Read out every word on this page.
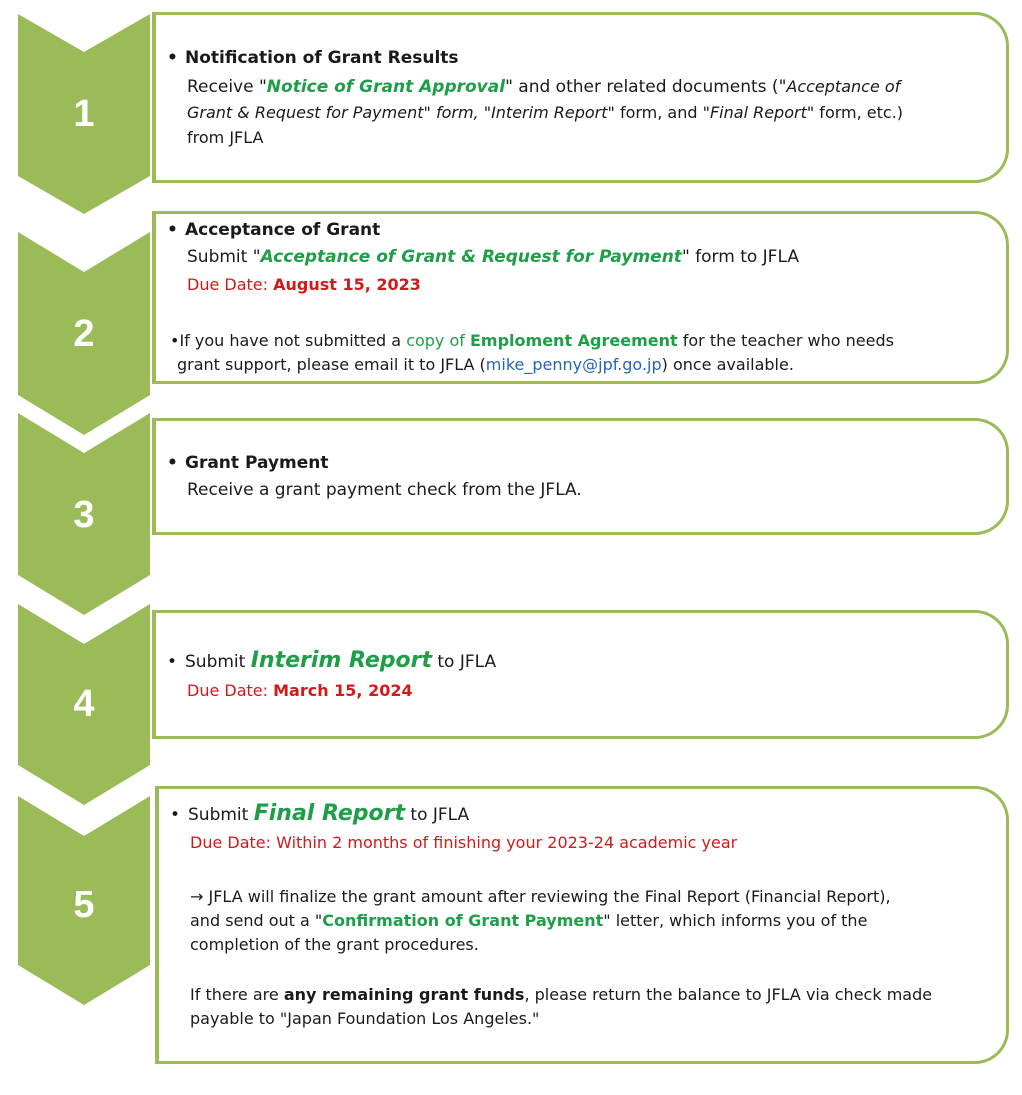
1
2
3
4
5
• Notification of Grant Results
Receive "Notice of Grant Approval" and other related documents ("Acceptance of
Grant & Request for Payment" form, "Interim Report" form, and "Final Report" form, etc.)
from JFLA
• Acceptance of Grant
Submit "Acceptance of Grant & Request for Payment" form to JFLA
Due Date: August 15, 2023
•If you have not submitted a copy of Emploment Agreement for the teacher who needs
grant support, please email it to JFLA (mike_penny@jpf.go.jp) once available.
• Grant Payment
Receive a grant payment check from the JFLA.
• Submit Interim Report to JFLA
Due Date: March 15, 2024
• Submit Final Report to JFLA
Due Date: Within 2 months of finishing your 2023-24 academic year
→ JFLA will finalize the grant amount after reviewing the Final Report (Financial Report),
and send out a "Confirmation of Grant Payment" letter, which informs you of the
completion of the grant procedures.
If there are any remaining grant funds, please return the balance to JFLA via check made
payable to "Japan Foundation Los Angeles."
